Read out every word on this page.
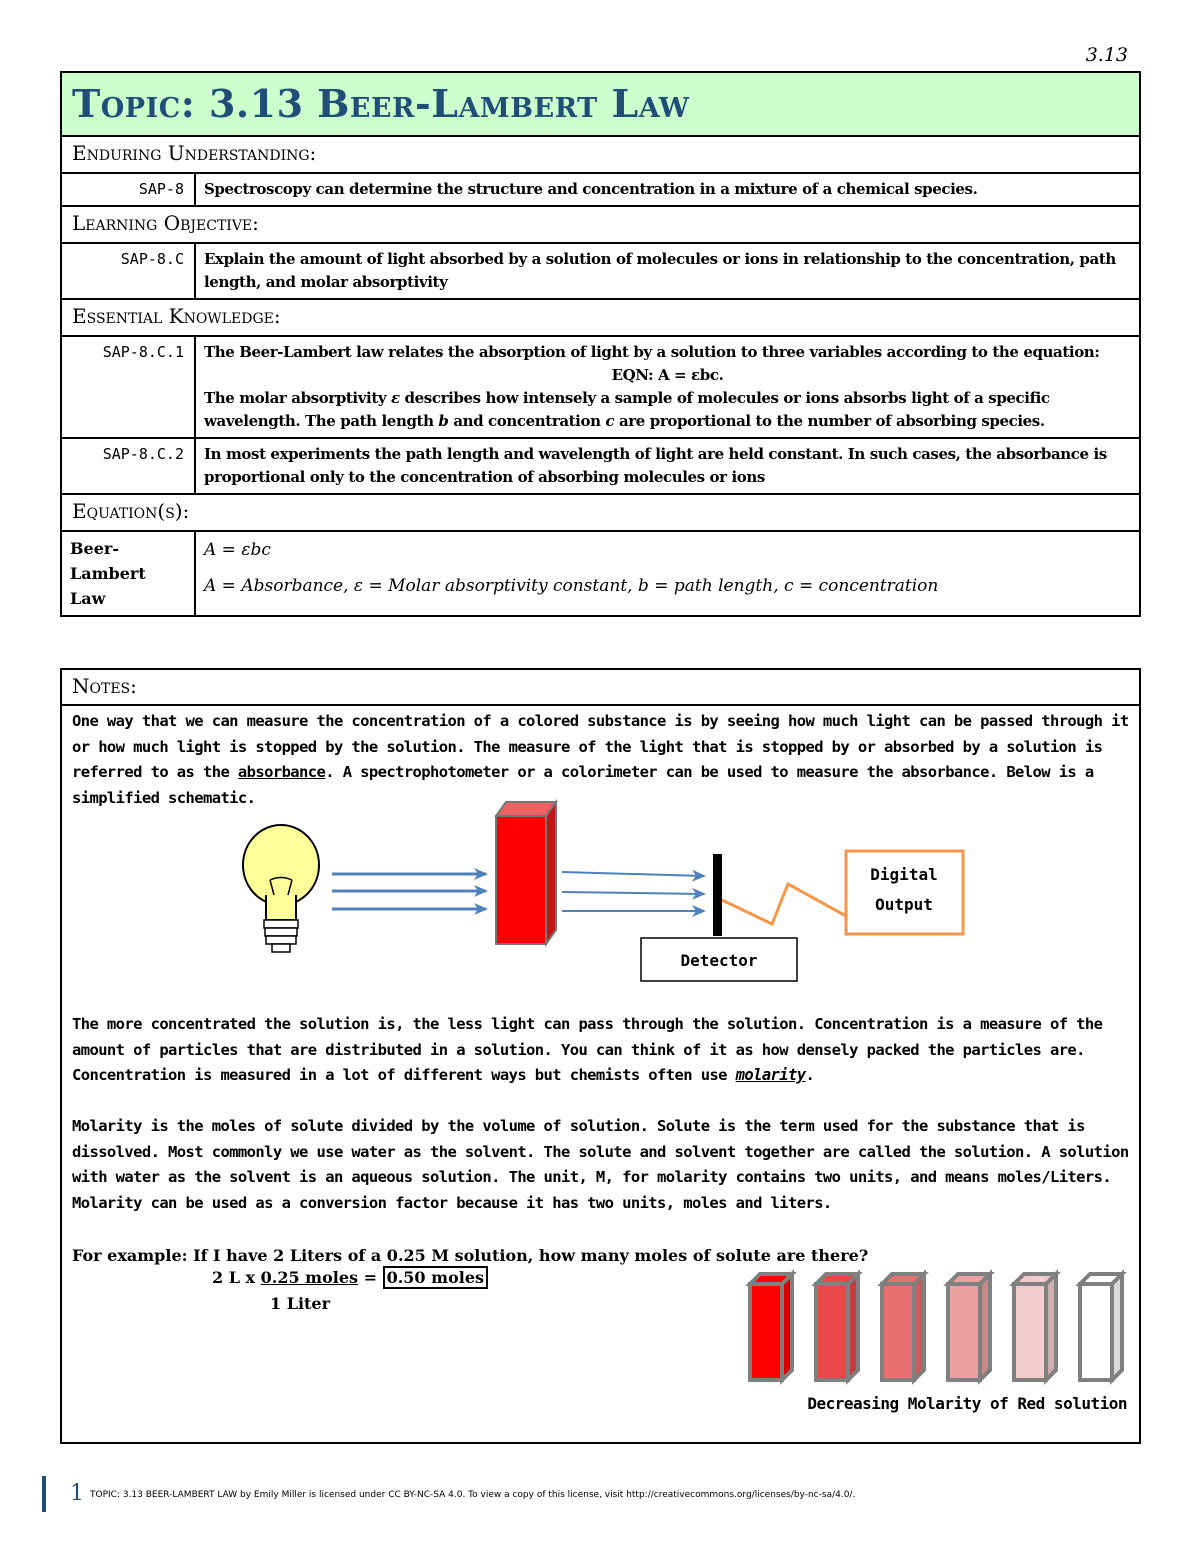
3.13
Topic: 3.13 Beer-Lambert Law	
Enduring Understanding:	
SAP-8	Spectroscopy can determine the structure and concentration in a mixture of a chemical species.
Learning Objective:	
SAP-8.C	Explain the amount of light absorbed by a solution of molecules or ions in relationship to the concentration, path length, and molar absorptivity
Essential Knowledge:	
SAP-8.C.1	The Beer-Lambert law relates the absorption of light by a solution to three variables according to the equation:
EQN: A = εbc.
The molar absorptivity ε describes how intensely a sample of molecules or ions absorbs light of a specific wavelength. The path length b and concentration c are proportional to the number of absorbing species.

SAP-8.C.2	In most experiments the path length and wavelength of light are held constant. In such cases, the absorbance is proportional only to the concentration of absorbing molecules or ions
Equation(s):	
Beer-Lambert Law	A = εbc
A = Absorbance, ε = Molar absorptivity constant, b = path length, c = concentration
Notes:
One way that we can measure the concentration of a colored substance is by seeing how much light can be passed through it or how much light is stopped by the solution. The measure of the light that is stopped by or absorbed by a solution is referred to as the absorbance. A spectrophotometer or a colorimeter can be used to measure the absorbance. Below is a simplified schematic.
Digital
Output
Detector
The more concentrated the solution is, the less light can pass through the solution. Concentration is a measure of the amount of particles that are distributed in a solution. You can think of it as how densely packed the particles are. Concentration is measured in a lot of different ways but chemists often use molarity.
Molarity is the moles of solute divided by the volume of solution. Solute is the term used for the substance that is dissolved. Most commonly we use water as the solvent. The solute and solvent together are called the solution. A solution with water as the solvent is an aqueous solution. The unit, M, for molarity contains two units, and means moles/Liters. Molarity can be used as a conversion factor because it has two units, moles and liters.
For example: If I have 2 Liters of a 0.25 M solution, how many moles of solute are there?
2 L x 0.25 moles = 0.50 moles
1 Liter
Decreasing Molarity of Red solution
1 TOPIC: 3.13 BEER-LAMBERT LAW by Emily Miller is licensed under CC BY-NC-SA 4.0. To view a copy of this license, visit http://creativecommons.org/licenses/by-nc-sa/4.0/.
